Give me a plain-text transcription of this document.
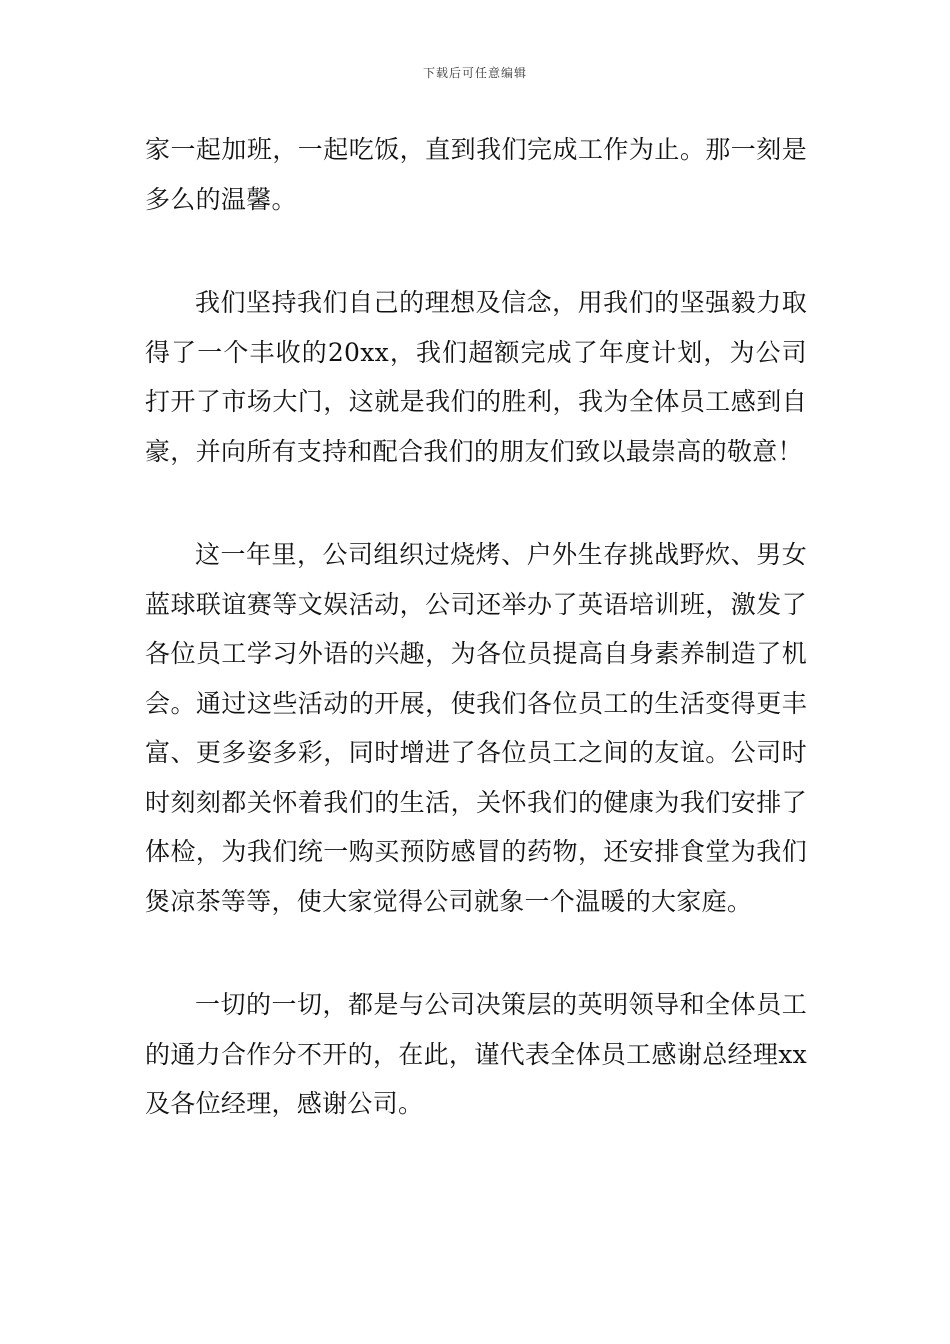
下载后可任意编辑

家一起加班，一起吃饭，直到我们完成工作为止。那一刻是多么的温馨。

我们坚持我们自己的理想及信念，用我们的坚强毅力取得了一个丰收的20xx，我们超额完成了年度计划，为公司打开了市场大门，这就是我们的胜利，我为全体员工感到自豪，并向所有支持和配合我们的朋友们致以最崇高的敬意！

这一年里，公司组织过烧烤、户外生存挑战野炊、男女蓝球联谊赛等文娱活动，公司还举办了英语培训班，激发了各位员工学习外语的兴趣，为各位员提高自身素养制造了机会。通过这些活动的开展，使我们各位员工的生活变得更丰富、更多姿多彩，同时增进了各位员工之间的友谊。公司时时刻刻都关怀着我们的生活，关怀我们的健康为我们安排了体检，为我们统一购买预防感冒的药物，还安排食堂为我们煲凉茶等等，使大家觉得公司就象一个温暖的大家庭。

一切的一切，都是与公司决策层的英明领导和全体员工的通力合作分不开的，在此，谨代表全体员工感谢总经理xx及各位经理，感谢公司。
